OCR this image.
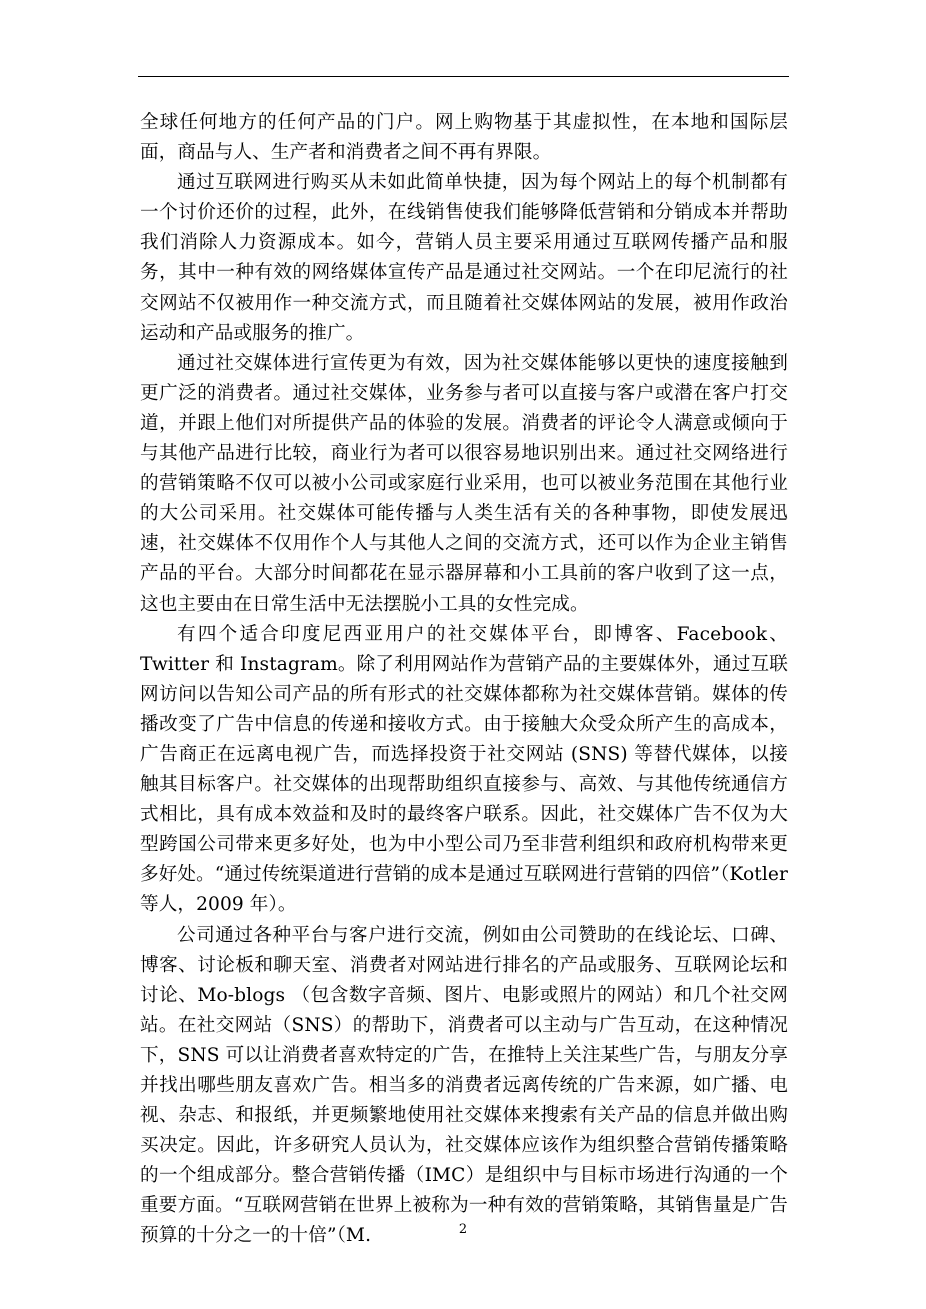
全球任何地方的任何产品的门户。网上购物基于其虚拟性，在本地和国际层面，商品与人、生产者和消费者之间不再有界限。

通过互联网进行购买从未如此简单快捷，因为每个网站上的每个机制都有一个讨价还价的过程，此外，在线销售使我们能够降低营销和分销成本并帮助我们消除人力资源成本。如今，营销人员主要采用通过互联网传播产品和服务，其中一种有效的网络媒体宣传产品是通过社交网站。一个在印尼流行的社交网站不仅被用作一种交流方式，而且随着社交媒体网站的发展，被用作政治运动和产品或服务的推广。

通过社交媒体进行宣传更为有效，因为社交媒体能够以更快的速度接触到更广泛的消费者。通过社交媒体，业务参与者可以直接与客户或潜在客户打交道，并跟上他们对所提供产品的体验的发展。消费者的评论令人满意或倾向于与其他产品进行比较，商业行为者可以很容易地识别出来。通过社交网络进行的营销策略不仅可以被小公司或家庭行业采用，也可以被业务范围在其他行业的大公司采用。社交媒体可能传播与人类生活有关的各种事物，即使发展迅速，社交媒体不仅用作个人与其他人之间的交流方式，还可以作为企业主销售产品的平台。大部分时间都花在显示器屏幕和小工具前的客户收到了这一点，这也主要由在日常生活中无法摆脱小工具的女性完成。

有四个适合印度尼西亚用户的社交媒体平台，即博客、Facebook、Twitter 和 Instagram。除了利用网站作为营销产品的主要媒体外，通过互联网访问以告知公司产品的所有形式的社交媒体都称为社交媒体营销。媒体的传播改变了广告中信息的传递和接收方式。由于接触大众受众所产生的高成本，广告商正在远离电视广告，而选择投资于社交网站 (SNS) 等替代媒体，以接触其目标客户。社交媒体的出现帮助组织直接参与、高效、与其他传统通信方式相比，具有成本效益和及时的最终客户联系。因此，社交媒体广告不仅为大型跨国公司带来更多好处，也为中小型公司乃至非营利组织和政府机构带来更多好处。“通过传统渠道进行营销的成本是通过互联网进行营销的四倍”（Kotler 等人，2009 年）。

公司通过各种平台与客户进行交流，例如由公司赞助的在线论坛、口碑、博客、讨论板和聊天室、消费者对网站进行排名的产品或服务、互联网论坛和讨论、Mo-blogs （包含数字音频、图片、电影或照片的网站）和几个社交网站。在社交网站（SNS）的帮助下，消费者可以主动与广告互动，在这种情况下，SNS 可以让消费者喜欢特定的广告，在推特上关注某些广告，与朋友分享并找出哪些朋友喜欢广告。相当多的消费者远离传统的广告来源，如广播、电视、杂志、和报纸，并更频繁地使用社交媒体来搜索有关产品的信息并做出购买决定。因此，许多研究人员认为，社交媒体应该作为组织整合营销传播策略的一个组成部分。整合营销传播（IMC）是组织中与目标市场进行沟通的一个重要方面。“互联网营销在世界上被称为一种有效的营销策略，其销售量是广告预算的十分之一的十倍”（M.	2
